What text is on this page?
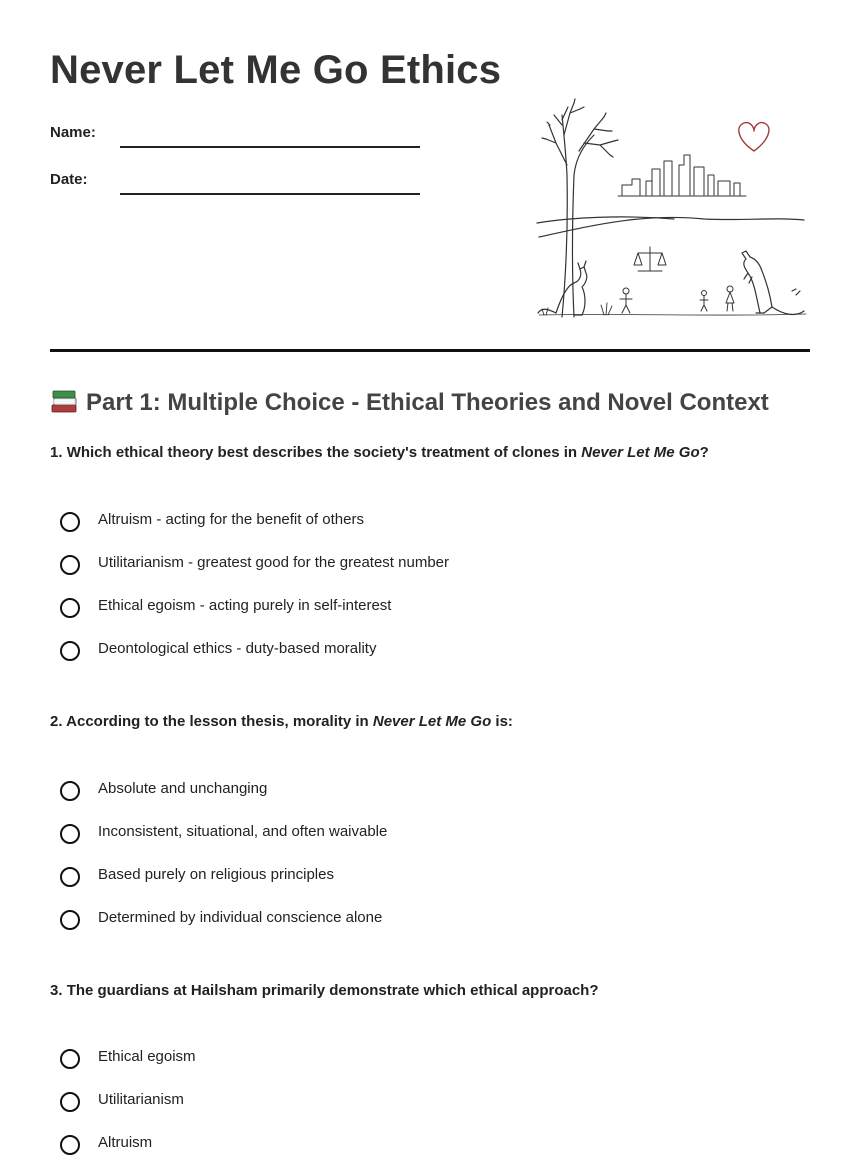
Never Let Me Go Ethics
Name:
Date:
Part 1: Multiple Choice - Ethical Theories and Novel Context

1. Which ethical theory best describes the society's treatment of clones in Never Let Me Go?

Altruism - acting for the benefit of others
Utilitarianism - greatest good for the greatest number
Ethical egoism - acting purely in self-interest
Deontological ethics - duty-based morality

2. According to the lesson thesis, morality in Never Let Me Go is:

Absolute and unchanging
Inconsistent, situational, and often waivable
Based purely on religious principles
Determined by individual conscience alone

3. The guardians at Hailsham primarily demonstrate which ethical approach?

Ethical egoism
Utilitarianism
Altruism
